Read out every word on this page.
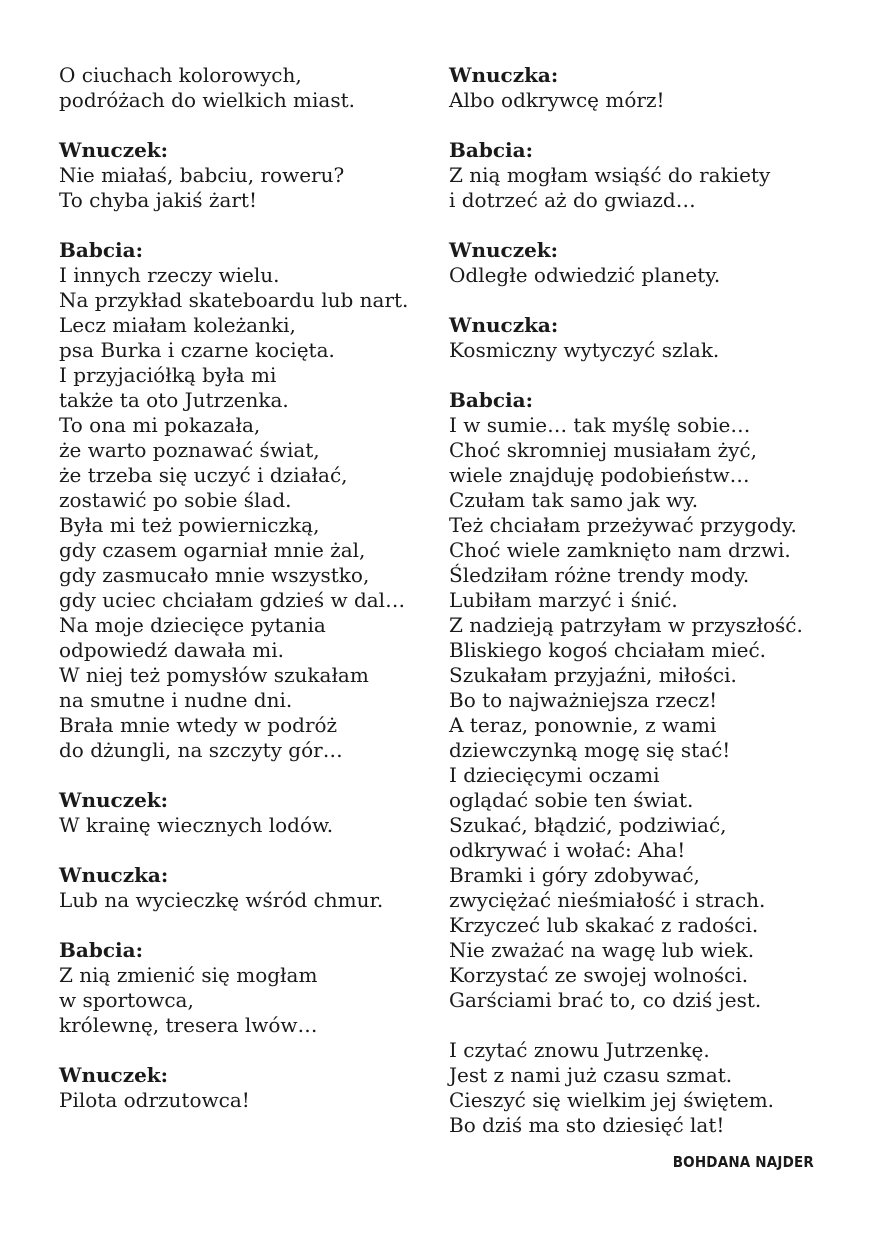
O ciuchach kolorowych,
podróżach do wielkich miast.
Wnuczek:
Nie miałaś, babciu, roweru?
To chyba jakiś żart!
Babcia:
I innych rzeczy wielu.
Na przykład skateboardu lub nart.
Lecz miałam koleżanki,
psa Burka i czarne kocięta.
I przyjaciółką była mi
także ta oto Jutrzenka.
To ona mi pokazała,
że warto poznawać świat,
że trzeba się uczyć i działać,
zostawić po sobie ślad.
Była mi też powierniczką,
gdy czasem ogarniał mnie żal,
gdy zasmucało mnie wszystko,
gdy uciec chciałam gdzieś w dal…
Na moje dziecięce pytania
odpowiedź dawała mi.
W niej też pomysłów szukałam
na smutne i nudne dni.
Brała mnie wtedy w podróż
do dżungli, na szczyty gór…
Wnuczek:
W krainę wiecznych lodów.
Wnuczka:
Lub na wycieczkę wśród chmur.
Babcia:
Z nią zmienić się mogłam
w sportowca,
królewnę, tresera lwów…
Wnuczek:
Pilota odrzutowca!
Wnuczka:
Albo odkrywcę mórz!
Babcia:
Z nią mogłam wsiąść do rakiety
i dotrzeć aż do gwiazd…
Wnuczek:
Odległe odwiedzić planety.
Wnuczka:
Kosmiczny wytyczyć szlak.
Babcia:
I w sumie… tak myślę sobie…
Choć skromniej musiałam żyć,
wiele znajduję podobieństw…
Czułam tak samo jak wy.
Też chciałam przeżywać przygody.
Choć wiele zamknięto nam drzwi.
Śledziłam różne trendy mody.
Lubiłam marzyć i śnić.
Z nadzieją patrzyłam w przyszłość.
Bliskiego kogoś chciałam mieć.
Szukałam przyjaźni, miłości.
Bo to najważniejsza rzecz!
A teraz, ponownie, z wami
dziewczynką mogę się stać!
I dziecięcymi oczami
oglądać sobie ten świat.
Szukać, błądzić, podziwiać,
odkrywać i wołać: Aha!
Bramki i góry zdobywać,
zwyciężać nieśmiałość i strach.
Krzyczeć lub skakać z radości.
Nie zważać na wagę lub wiek.
Korzystać ze swojej wolności.
Garściami brać to, co dziś jest.
I czytać znowu Jutrzenkę.
Jest z nami już czasu szmat.
Cieszyć się wielkim jej świętem.
Bo dziś ma sto dziesięć lat!
BOHDANA NAJDER
